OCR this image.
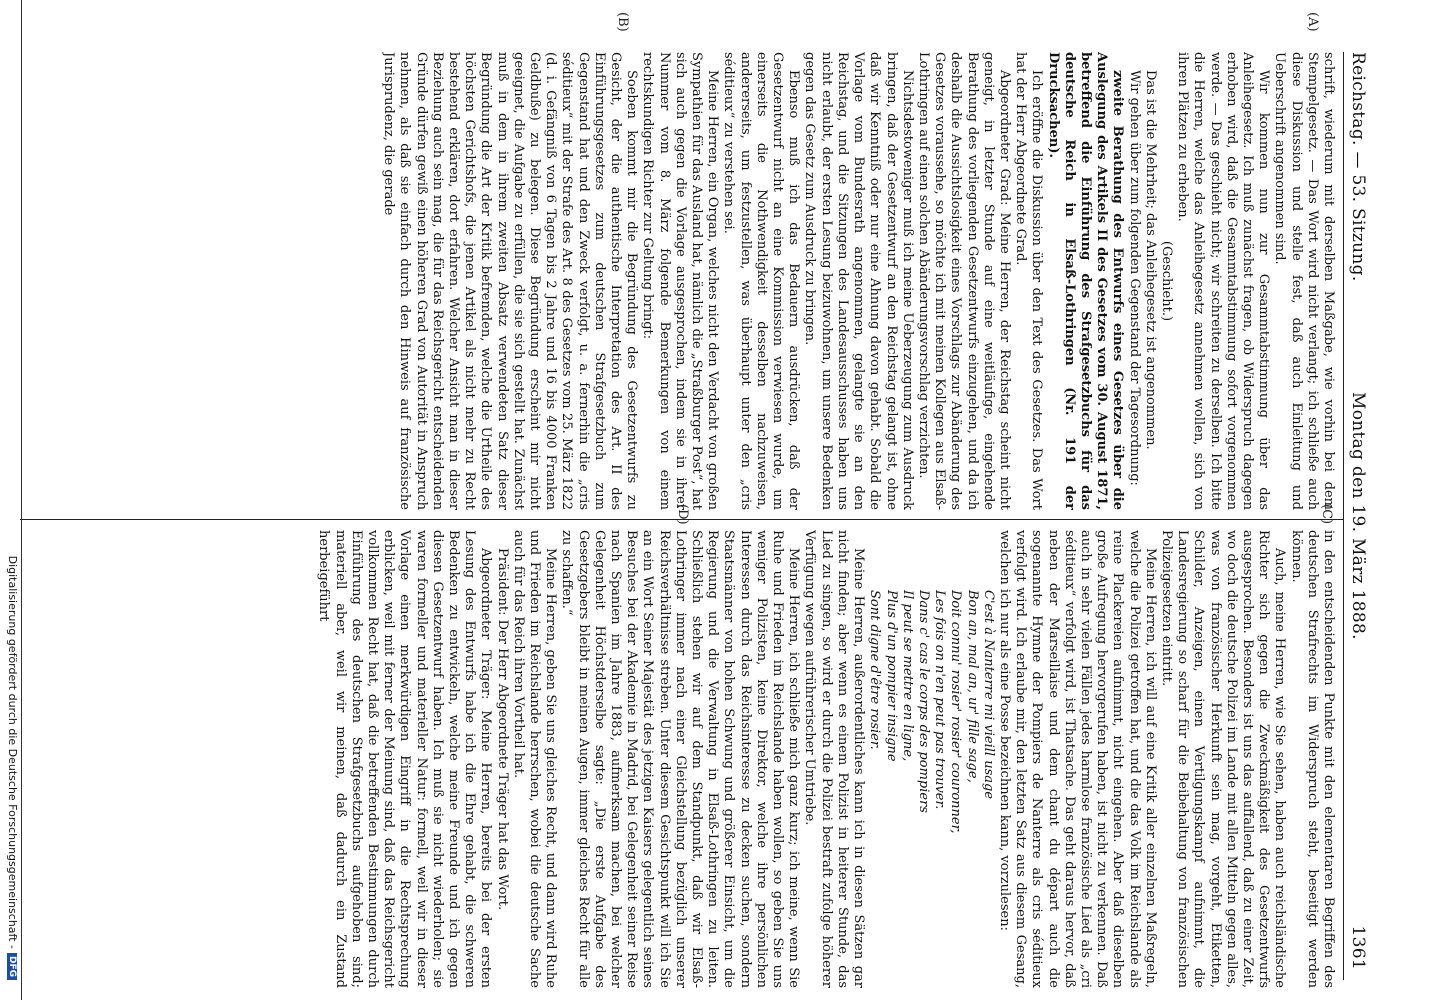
Reichstag. — 53. Sitzung.
Montag den 19. März 1888.
1361
(A)
(B)
(C)
(D)

schrift, wiederum mit derselben Maßgabe, wie vorhin bei dem Stempelgesetz. — Das Wort wird nicht verlangt; ich schließe auch diese Diskussion und stelle fest, daß auch Einleitung und Ueberschrift angenommen sind.

Wir kommen nun zur Gesammtabstimmung über das Anleihegesetz. Ich muß zunächst fragen, ob Widerspruch dagegen erhoben wird, daß die Gesammtabstimmung sofort vorgenommen werde. — Das geschieht nicht; wir schreiten zu derselben. Ich bitte die Herren, welche das Anleihegesetz annehmen wollen, sich von ihren Plätzen zu erheben.

(Geschieht.)

Das ist die Mehrheit; das Anleihegesetz ist angenommen.

Wir gehen über zum folgenden Gegenstand der Tagesordnung:

zweite Berathung des Entwurfs eines Gesetzes über die Auslegung des Artikels II des Gesetzes vom 30. August 1871, betreffend die Einführung des Strafgesetzbuchs für das deutsche Reich in Elsaß-Lothringen (Nr. 191 der Drucksachen).

Ich eröffne die Diskussion über den Text des Gesetzes. Das Wort hat der Herr Abgeordnete Grad.

Abgeordneter Grad: Meine Herren, der Reichstag scheint nicht geneigt, in letzter Stunde auf eine weitläufige, eingehende Berathung des vorliegenden Gesetzentwurfs einzugehen, und da ich deshalb die Aussichtslosigkeit eines Vorschlags zur Abänderung des Gesetzes voraussehe, so möchte ich mit meinen Kollegen aus Elsaß-Lothringen auf einen solchen Abänderungsvorschlag verzichten.

Nichtsdestoweniger muß ich meine Ueberzeugung zum Ausdruck bringen, daß der Gesetzentwurf an den Reichstag gelangt ist, ohne daß wir Kenntniß oder nur eine Ahnung davon gehabt. Sobald die Vorlage vom Bundesrath angenommen, gelangte sie an den Reichstag, und die Sitzungen des Landesausschusses haben uns nicht erlaubt, der ersten Lesung beizuwohnen, um unsere Bedenken gegen das Gesetz zum Ausdruck zu bringen.

Ebenso muß ich das Bedauern ausdrücken, daß der Gesetzentwurf nicht an eine Kommission verwiesen wurde, um einerseits die Nothwendigkeit desselben nachzuweisen, andererseits, um festzustellen, was überhaupt unter den „cris séditieux“ zu verstehen sei.

Meine Herren, ein Organ, welches nicht den Verdacht von großen Sympathien für das Ausland hat, nämlich die „Straßburger Post“, hat sich auch gegen die Vorlage ausgesprochen, indem sie in ihrer Nummer vom 8. März folgende Bemerkungen von einem rechtskundigen Richter zur Geltung bringt:

Soeben kommt mir die Begründung des Gesetzentwurfs zu Gesicht, der die authentische Interpretation des Art. II des Einführungsgesetzes zum deutschen Strafgesetzbuch zum Gegenstand hat und den Zweck verfolgt, u. a. fernerhin die „cris séditieux“ mit der Strafe des Art. 8 des Gesetzes vom 25. März 1822 (d. i. Gefängniß von 6 Tagen bis 2 Jahre und 16 bis 4000 Franken Geldbuße) zu belegen. Diese Begründung erscheint mir nicht geeignet, die Aufgabe zu erfüllen, die sie sich gestellt hat. Zunächst muß in dem in ihrem zweiten Absatz verwendeten Satz dieser Begründung die Art der Kritik befremden, welche die Urtheile des höchsten Gerichtshofs, die jenen Artikel als nicht mehr zu Recht bestehend erklären, dort erfahren. Welcher Ansicht man in dieser Beziehung auch sein mag, die für das Reichsgericht entscheidenden Gründe dürfen gewiß einen höheren Grad von Autorität in Anspruch nehmen, als daß sie einfach durch den Hinweis auf französische Jurisprudenz, die gerade

in den entscheidenden Punkte mit den elementaren Begriffen des deutschen Strafrechts im Widerspruch steht, beseitigt werden können.

Auch, meine Herren, wie Sie sehen, haben auch reichsländische Richter sich gegen die Zweckmäßigkeit des Gesetzentwurfs ausgesprochen. Besonders ist uns das auffallend, daß zu einer Zeit, wo doch die deutsche Polizei im Lande mit allen Mitteln gegen alles, was von französischer Herkunft sein mag, vorgeht, Etiketten, Schilder, Anzeigen, einen Vertilgungskampf aufnimmt, die Landesregierung so scharf für die Beibehaltung von französischen Polizeigesetzen eintritt.

Meine Herren, ich will auf eine Kritik aller einzelnen Maßregeln, welche die Polizei getroffen hat, und die das Volk im Reichslande als reine Plackereien aufnimmt, nicht eingehen. Aber daß dieselben große Aufregung hervorgerufen haben, ist nicht zu verkennen. Daß auch in sehr vielen Fällen jedes harmlose französische Lied als „cri séditieux“ verfolgt wird, ist Thatsache. Das geht daraus hervor, daß neben der Marseillaise und dem chant du départ auch die sogenannte Hymne der Pompiers de Nanterre als cris séditieux verfolgt wird. Ich erlaube mir, den letzten Satz aus diesem Gesang, welchen ich nur als eine Posse bezeichnen kann, vorzulesen:

C'est à Nanterre mi vieill usage

Bon an, mal an, ur' fille sage,

Doit connu' rosier' rosier' couronner,

Les fois on n'en peut pas trouver.

Dans c' cas le corps des pompiers

Il peut se mettre en ligne,

Plus d'un pompier insigne

Sont digne d'être rosier.

Meine Herren, außerordentliches kann ich in diesen Sätzen gar nicht finden; aber wenn es einem Polizist in heiterer Stunde, das Lied zu singen, so wird er durch die Polizei bestraft zufolge höherer Verfügung wegen aufrührerischer Umtriebe.

Meine Herren, ich schließe mich ganz kurz; ich meine, wenn Sie Ruhe und Frieden im Reichslande haben wollen, so geben Sie uns weniger Polizisten, keine Direktor, welche ihre persönlichen Interessen durch das Reichsinteresse zu decken suchen, sondern Staatsmänner von hohen Schwung und größerer Einsicht, um die Regierung und die Verwaltung in Elsaß-Lothringen zu leiten. Schließlich stehen wir auf dem Standpunkt, daß wir Elsaß-Lothringer immer nach einer Gleichstellung bezüglich unserer Reichsverhältnisse streben. Unter diesem Gesichtspunkt will ich Sie an ein Wort Seiner Majestät des jetzigen Kaisers gelegentlich seines Besuches bei der Akademie in Madrid, bei Gelegenheit seiner Reise nach Spanien im Jahre 1883, aufmerksam machen, bei welcher Gelegenheit Höchstderselbe sagte: „Die erste Aufgabe des Gesetzgebers bleibt in meinen Augen, immer gleiches Recht für alle zu schaffen.“

Meine Herren, geben Sie uns gleiches Recht, und dann wird Ruhe und Frieden im Reichslande herrschen, wobei die deutsche Sache auch für das Reich ihren Vortheil hat.

Präsident: Der Herr Abgeordnete Träger hat das Wort.

Abgeordneter Träger: Meine Herren, bereits bei der ersten Lesung des Entwurfs habe ich die Ehre gehabt, die schweren Bedenken zu entwickeln, welche meine Freunde und ich gegen diesen Gesetzentwurf haben. Ich muß sie nicht wiederholen; sie waren formeller und materieller Natur: formell, weil wir in dieser Vorlage einen merkwürdigen Eingriff in die Rechtsprechung erblicken, weil mit ferner der Meinung sind, daß das Reichsgericht vollkommen Recht hat, daß die betreffenden Bestimmungen durch Einführung des deutschen Strafgesetzbuchs aufgehoben sind; materiell aber, weil wir meinen, daß dadurch ein Zustand herbeigeführt

Digitalisierung gefördert durch die Deutsche Forschungsgemeinschaft -DFG
